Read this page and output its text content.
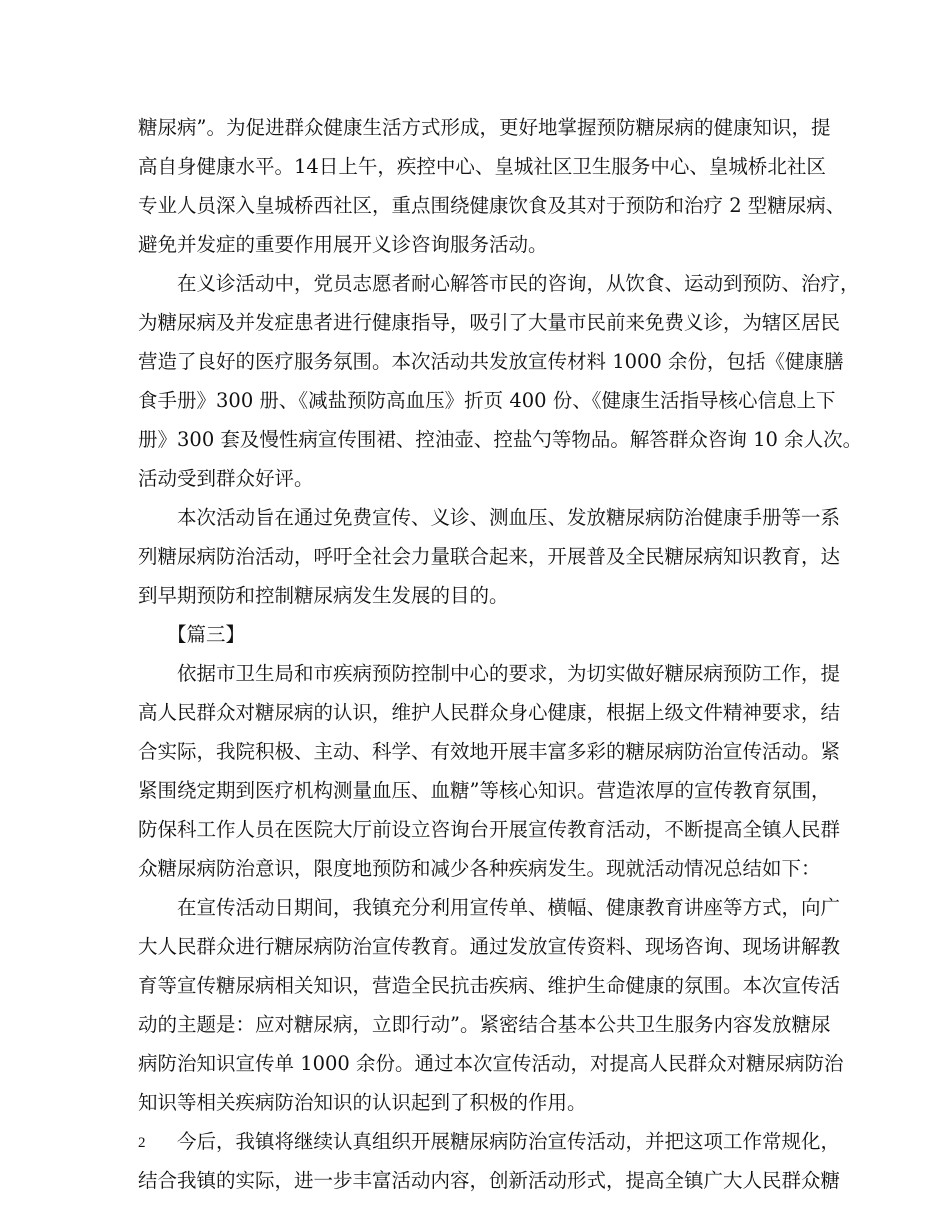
糖尿病”。为促进群众健康生活方式形成，更好地掌握预防糖尿病的健康知识，提
高自身健康水平。14日上午，疾控中心、皇城社区卫生服务中心、皇城桥北社区
专业人员深入皇城桥西社区，重点围绕健康饮食及其对于预防和治疗 2 型糖尿病、
避免并发症的重要作用展开义诊咨询服务活动。
在义诊活动中，党员志愿者耐心解答市民的咨询，从饮食、运动到预防、治疗，
为糖尿病及并发症患者进行健康指导，吸引了大量市民前来免费义诊，为辖区居民
营造了良好的医疗服务氛围。本次活动共发放宣传材料 1000 余份，包括《健康膳
食手册》300 册、《减盐预防高血压》折页 400 份、《健康生活指导核心信息上下
册》300 套及慢性病宣传围裙、控油壶、控盐勺等物品。解答群众咨询 10 余人次。
活动受到群众好评。
本次活动旨在通过免费宣传、义诊、测血压、发放糖尿病防治健康手册等一系
列糖尿病防治活动，呼吁全社会力量联合起来，开展普及全民糖尿病知识教育，达
到早期预防和控制糖尿病发生发展的目的。
【篇三】
依据市卫生局和市疾病预防控制中心的要求，为切实做好糖尿病预防工作，提
高人民群众对糖尿病的认识，维护人民群众身心健康，根据上级文件精神要求，结
合实际，我院积极、主动、科学、有效地开展丰富多彩的糖尿病防治宣传活动。紧
紧围绕定期到医疗机构测量血压、血糖”等核心知识。营造浓厚的宣传教育氛围，
防保科工作人员在医院大厅前设立咨询台开展宣传教育活动，不断提高全镇人民群
众糖尿病防治意识，限度地预防和减少各种疾病发生。现就活动情况总结如下：
在宣传活动日期间，我镇充分利用宣传单、横幅、健康教育讲座等方式，向广
大人民群众进行糖尿病防治宣传教育。通过发放宣传资料、现场咨询、现场讲解教
育等宣传糖尿病相关知识，营造全民抗击疾病、维护生命健康的氛围。本次宣传活
动的主题是：应对糖尿病，立即行动”。紧密结合基本公共卫生服务内容发放糖尿
病防治知识宣传单 1000 余份。通过本次宣传活动，对提高人民群众对糖尿病防治
知识等相关疾病防治知识的认识起到了积极的作用。
今后，我镇将继续认真组织开展糖尿病防治宣传活动，并把这项工作常规化，
结合我镇的实际，进一步丰富活动内容，创新活动形式，提高全镇广大人民群众糖
2
